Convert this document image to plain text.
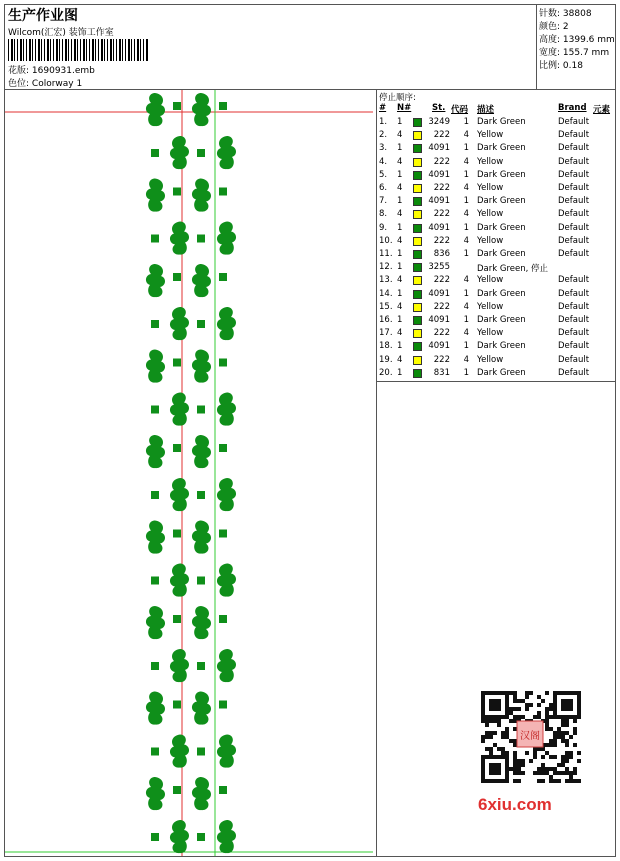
生产作业图
Wilcom(汇宏) 装饰工作室
花版: 1690931.emb
色位: Colorway 1
针数: 38808
颜色: 2
高度: 1399.6 mm
宽度: 155.7 mm
比例: 0.18
停止顺序:
# N# St. 代码 描述	Brand 元素
1. 1	3249	1 Dark Green	Default
2. 4	222	4 Yellow	Default
3. 1	4091	1 Dark Green	Default
4. 4	222	4 Yellow	Default
5. 1	4091	1 Dark Green	Default
6. 4	222	4 Yellow	Default
7. 1	4091	1 Dark Green	Default
8. 4	222	4 Yellow	Default
9. 1	4091	1 Dark Green	Default
10. 4	222	4 Yellow	Default
11. 1	836	1 Dark Green	Default
12. 1	3255	Dark Green, 停止
13. 4	222	4 Yellow	Default
14. 1	4091	1 Dark Green	Default
15. 4	222	4 Yellow	Default
16. 1	4091	1 Dark Green	Default
17. 4	222	4 Yellow	Default
18. 1	4091	1 Dark Green	Default
19. 4	222	4 Yellow	Default
20. 1	831	1 Dark Green	Default
汉阁
6xiu.com
